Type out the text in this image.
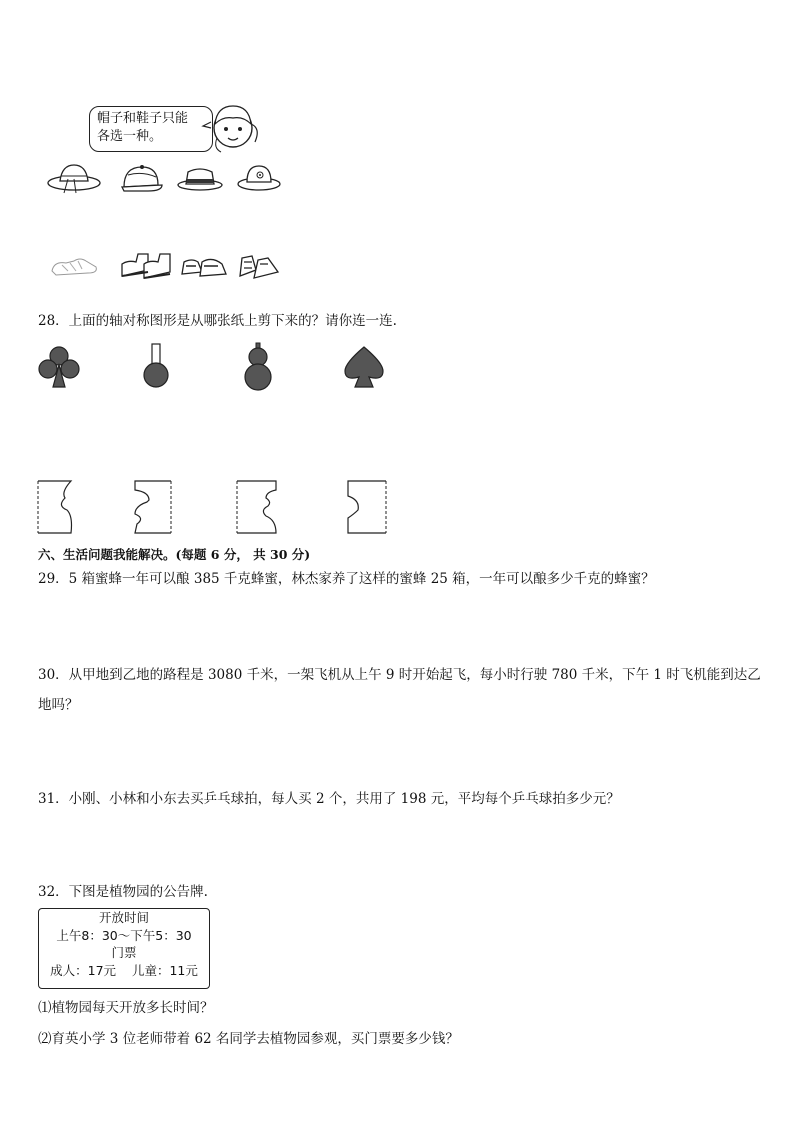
帽子和鞋子只能
各选一种。
28．上面的轴对称图形是从哪张纸上剪下来的？请你连一连.
六、生活问题我能解决。(每题 6 分， 共 30 分)
29．5 箱蜜蜂一年可以酿 385 千克蜂蜜，林杰家养了这样的蜜蜂 25 箱，一年可以酿多少千克的蜂蜜？
30．从甲地到乙地的路程是 3080 千米，一架飞机从上午 9 时开始起飞，每小时行驶 780 千米，下午 1 时飞机能到达乙
地吗？
31．小刚、小林和小东去买乒乓球拍，每人买 2 个，共用了 198 元，平均每个乒乓球拍多少元？
32．下图是植物园的公告牌.
开放时间
上午8：30～下午5：30
门票
成人：17元    儿童：11元
⑴植物园每天开放多长时间？
⑵育英小学 3 位老师带着 62 名同学去植物园参观，买门票要多少钱？
